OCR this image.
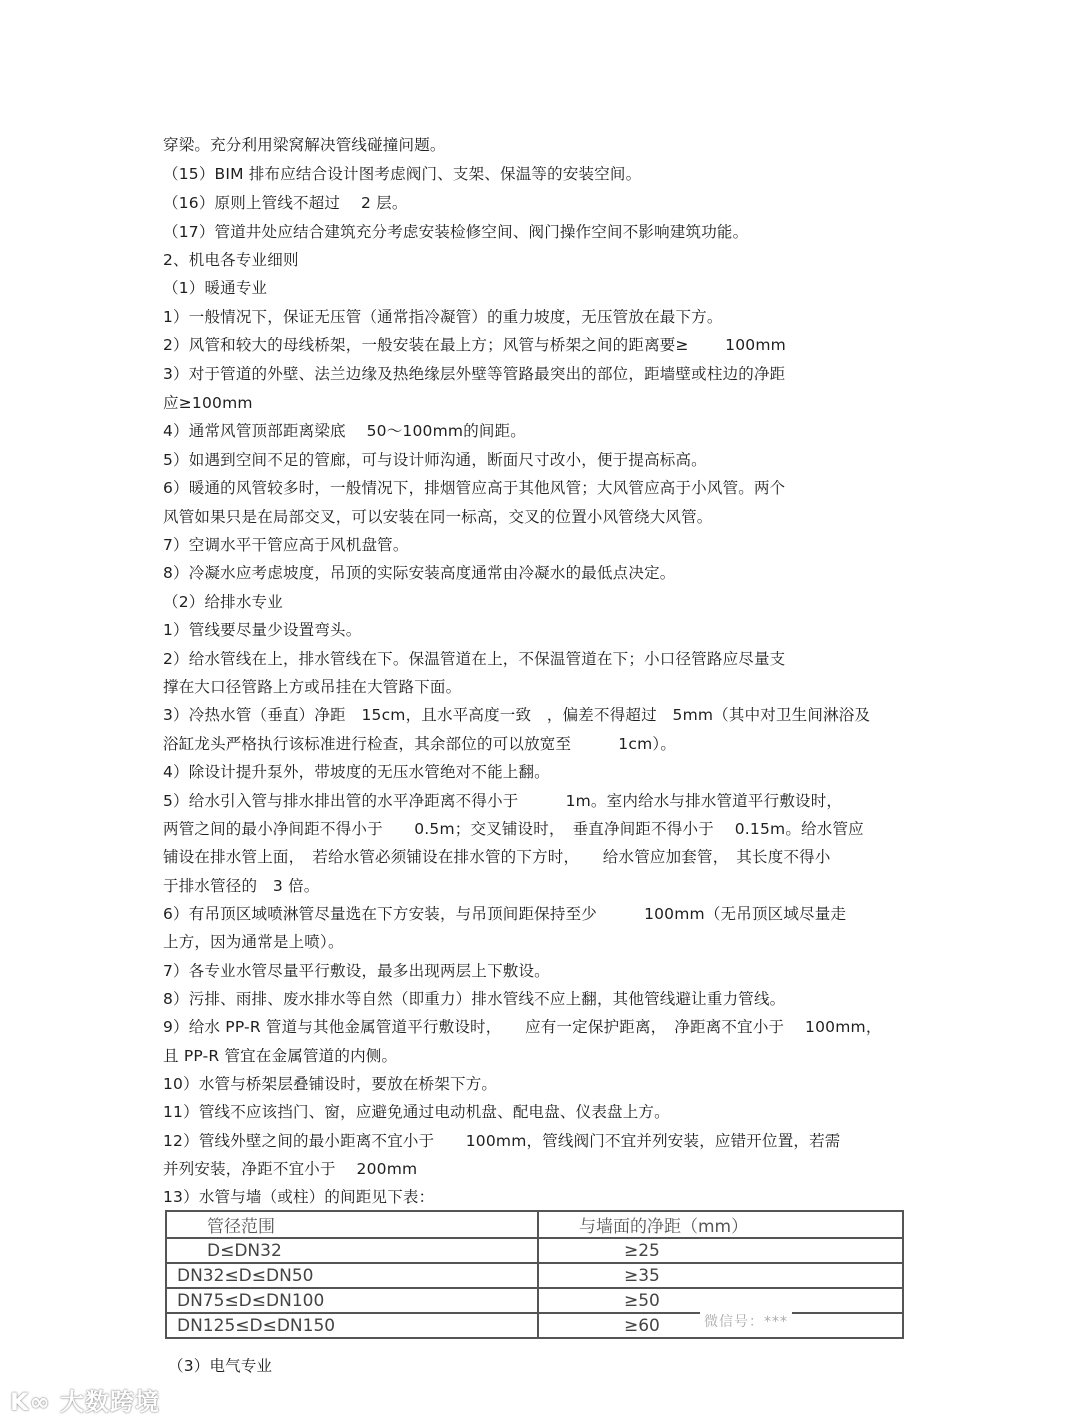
穿梁。充分利用梁窝解决管线碰撞问题。
（15）BIM 排布应结合设计图考虑阀门、支架、保温等的安装空间。
（16）原则上管线不超过　 2 层。
（17）管道井处应结合建筑充分考虑安装检修空间、阀门操作空间不影响建筑功能。
2、机电各专业细则
（1）暖通专业
1）一般情况下，保证无压管（通常指冷凝管）的重力坡度，无压管放在最下方。
2）风管和较大的母线桥架，一般安装在最上方；风管与桥架之间的距离要≥　　 100mm
3）对于管道的外壁、法兰边缘及热绝缘层外壁等管路最突出的部位，距墙壁或柱边的净距
应≥100mm
4）通常风管顶部距离梁底　 50～100mm的间距。
5）如遇到空间不足的管廊，可与设计师沟通，断面尺寸改小，便于提高标高。
6）暖通的风管较多时，一般情况下，排烟管应高于其他风管；大风管应高于小风管。两个
风管如果只是在局部交叉，可以安装在同一标高，交叉的位置小风管绕大风管。
7）空调水平干管应高于风机盘管。
8）冷凝水应考虑坡度，吊顶的实际安装高度通常由冷凝水的最低点决定。
（2）给排水专业
1）管线要尽量少设置弯头。
2）给水管线在上，排水管线在下。保温管道在上，不保温管道在下；小口径管路应尽量支
撑在大口径管路上方或吊挂在大管路下面。
3）冷热水管（垂直）净距　15cm，且水平高度一致　，偏差不得超过　5mm（其中对卫生间淋浴及
浴缸龙头严格执行该标准进行检查，其余部位的可以放宽至　　　1cm）。
4）除设计提升泵外，带坡度的无压水管绝对不能上翻。
5）给水引入管与排水排出管的水平净距离不得小于　　　1m。室内给水与排水管道平行敷设时，
两管之间的最小净间距不得小于　　0.5m；交叉铺设时，　垂直净间距不得小于　 0.15m。给水管应
铺设在排水管上面，　若给水管必须铺设在排水管的下方时，　　给水管应加套管，　其长度不得小
于排水管径的　3 倍。
6）有吊顶区域喷淋管尽量选在下方安装，与吊顶间距保持至少　　　100mm（无吊顶区域尽量走
上方，因为通常是上喷）。
7）各专业水管尽量平行敷设，最多出现两层上下敷设。
8）污排、雨排、废水排水等自然（即重力）排水管线不应上翻，其他管线避让重力管线。
9）给水 PP-R 管道与其他金属管道平行敷设时，　　应有一定保护距离，　净距离不宜小于　 100mm，
且 PP-R 管宜在金属管道的内侧。
10）水管与桥架层叠铺设时，要放在桥架下方。
11）管线不应该挡门、窗，应避免通过电动机盘、配电盘、仪表盘上方。
12）管线外壁之间的最小距离不宜小于　　100mm，管线阀门不宜并列安装，应错开位置，若需
并列安装，净距不宜小于　 200mm
13）水管与墙（或柱）的间距见下表：
管径范围	与墙面的净距（mm）
D≤DN32	≥25
DN32≤D≤DN50	≥35
DN75≤D≤DN100	≥50
DN125≤D≤DN150	≥60	微信号：***
（3）电气专业
K∞ 大数跨境
